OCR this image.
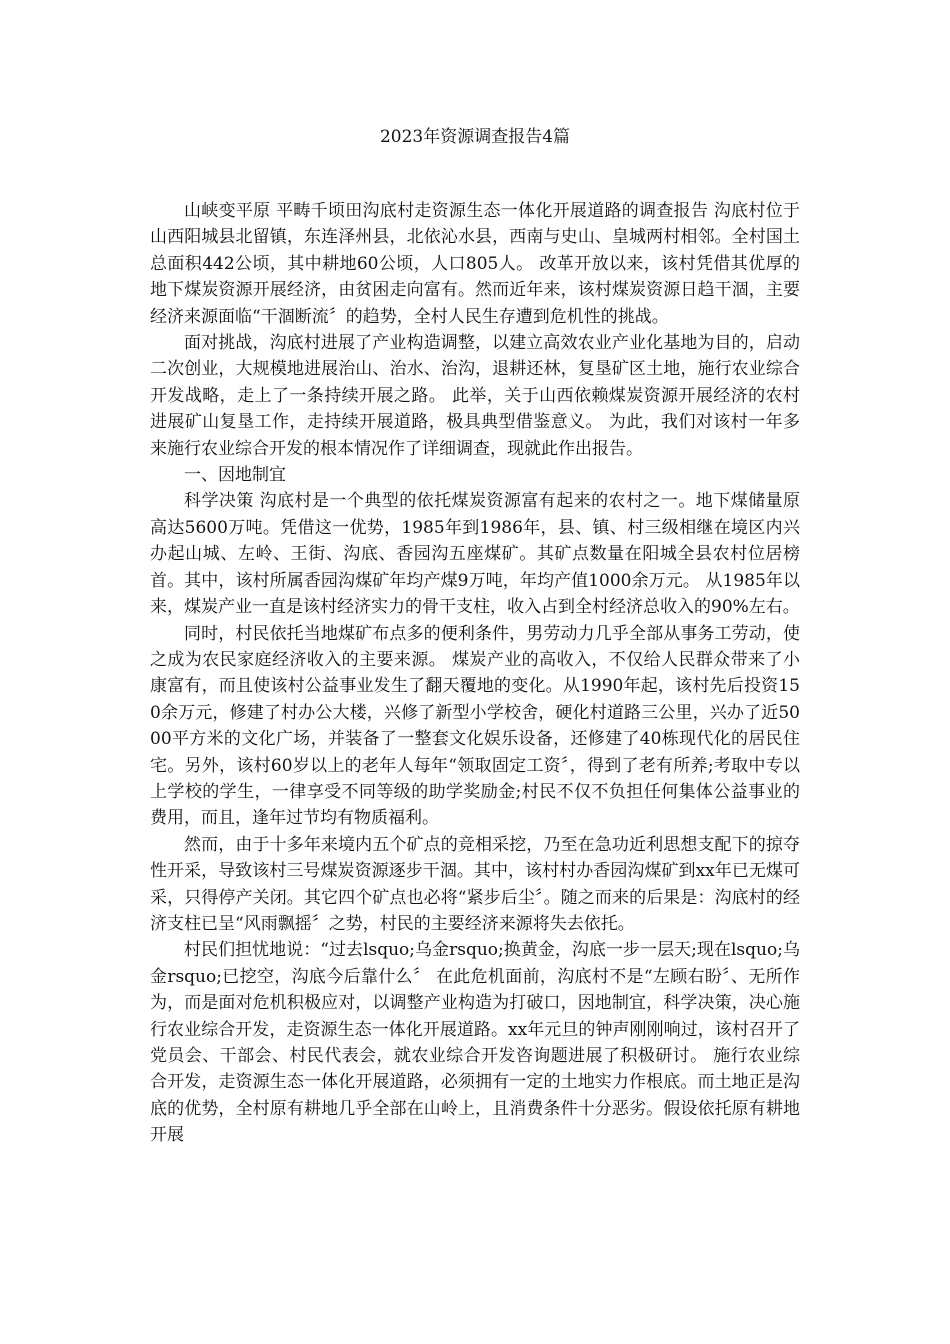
2023年资源调查报告4篇

山峡变平原 平畴千顷田沟底村走资源生态一体化开展道路的调查报告 沟底村位于山西阳城县北留镇，东连泽州县，北依沁水县，西南与史山、皇城两村相邻。全村国土总面积442公顷，其中耕地60公顷，人口805人。 改革开放以来，该村凭借其优厚的地下煤炭资源开展经济，由贫困走向富有。然而近年来，该村煤炭资源日趋干涸，主要经济来源面临“干涸断流〞的趋势，全村人民生存遭到危机性的挑战。

面对挑战，沟底村进展了产业构造调整，以建立高效农业产业化基地为目的，启动二次创业，大规模地进展治山、治水、治沟，退耕还林，复垦矿区土地，施行农业综合开发战略，走上了一条持续开展之路。 此举，关于山西依赖煤炭资源开展经济的农村进展矿山复垦工作，走持续开展道路，极具典型借鉴意义。 为此，我们对该村一年多来施行农业综合开发的根本情况作了详细调查，现就此作出报告。

一、因地制宜

科学决策 沟底村是一个典型的依托煤炭资源富有起来的农村之一。地下煤储量原高达5600万吨。凭借这一优势，1985年到1986年，县、镇、村三级相继在境区内兴办起山城、左岭、王街、沟底、香园沟五座煤矿。其矿点数量在阳城全县农村位居榜首。其中，该村所属香园沟煤矿年均产煤9万吨，年均产值1000余万元。 从1985年以来，煤炭产业一直是该村经济实力的骨干支柱，收入占到全村经济总收入的90%左右。

同时，村民依托当地煤矿布点多的便利条件，男劳动力几乎全部从事务工劳动，使之成为农民家庭经济收入的主要来源。 煤炭产业的高收入，不仅给人民群众带来了小康富有，而且使该村公益事业发生了翻天覆地的变化。从1990年起，该村先后投资150余万元，修建了村办公大楼，兴修了新型小学校舍，硬化村道路三公里，兴办了近5000平方米的文化广场，并装备了一整套文化娱乐设备，还修建了40栋现代化的居民住宅。另外，该村60岁以上的老年人每年“领取固定工资〞，得到了老有所养;考取中专以上学校的学生，一律享受不同等级的助学奖励金;村民不仅不负担任何集体公益事业的费用，而且，逢年过节均有物质福利。

然而，由于十多年来境内五个矿点的竞相采挖，乃至在急功近利思想支配下的掠夺性开采，导致该村三号煤炭资源逐步干涸。其中，该村村办香园沟煤矿到xx年已无煤可采，只得停产关闭。其它四个矿点也必将“紧步后尘〞。随之而来的后果是：沟底村的经济支柱已呈“风雨飘摇〞之势，村民的主要经济来源将失去依托。

村民们担忧地说：“过去lsquo;乌金rsquo;换黄金，沟底一步一层天;现在lsquo;乌金rsquo;已挖空，沟底今后靠什么〞 在此危机面前，沟底村不是“左顾右盼〞、无所作为，而是面对危机积极应对，以调整产业构造为打破口，因地制宜，科学决策，决心施行农业综合开发，走资源生态一体化开展道路。xx年元旦的钟声刚刚响过，该村召开了党员会、干部会、村民代表会，就农业综合开发咨询题进展了积极研讨。 施行农业综合开发，走资源生态一体化开展道路，必须拥有一定的土地实力作根底。而土地正是沟底的优势，全村原有耕地几乎全部在山岭上，且消费条件十分恶劣。假设依托原有耕地开展
